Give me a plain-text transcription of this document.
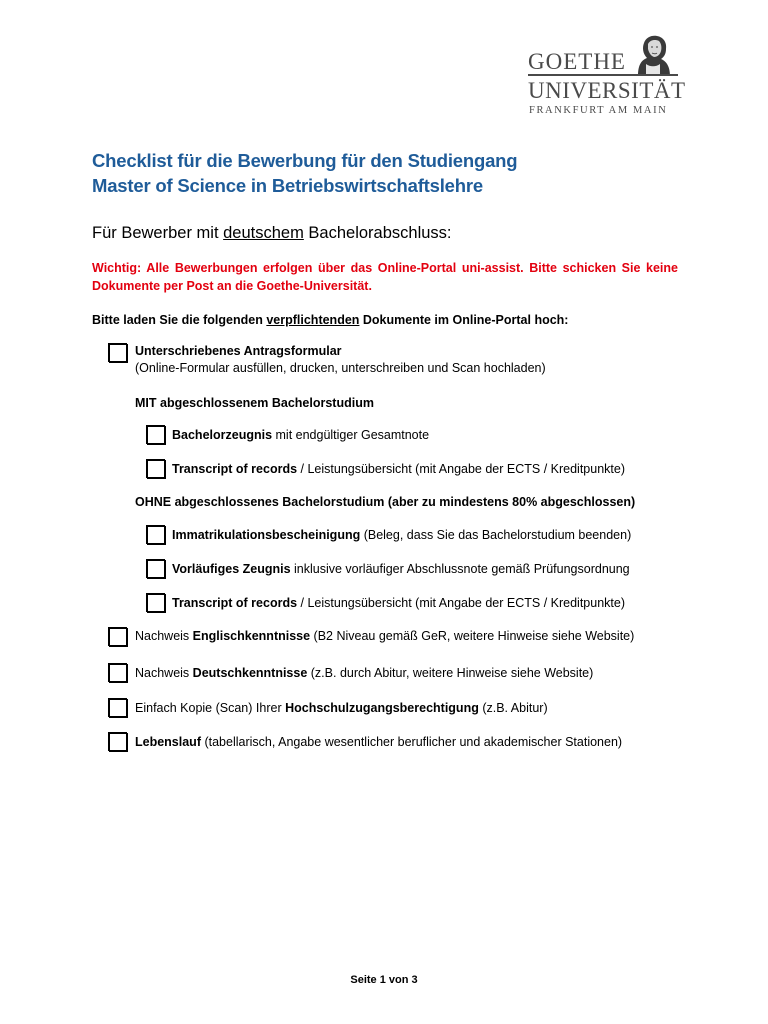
GOETHE
UNIVERSITÄT
FRANKFURT AM MAIN
Checklist für die Bewerbung für den Studiengang
Master of Science in Betriebswirtschaftslehre
Für Bewerber mit deutschem Bachelorabschluss:
Wichtig: Alle Bewerbungen erfolgen über das Online-Portal uni-assist. Bitte schicken Sie keine Dokumente per Post an die Goethe-Universität.
Bitte laden Sie die folgenden verpflichtenden Dokumente im Online-Portal hoch:
Unterschriebenes Antragsformular
(Online-Formular ausfüllen, drucken, unterschreiben und Scan hochladen)
MIT abgeschlossenem Bachelorstudium
Bachelorzeugnis mit endgültiger Gesamtnote
Transcript of records / Leistungsübersicht (mit Angabe der ECTS / Kreditpunkte)
OHNE abgeschlossenes Bachelorstudium (aber zu mindestens 80% abgeschlossen)
Immatrikulationsbescheinigung (Beleg, dass Sie das Bachelorstudium beenden)
Vorläufiges Zeugnis inklusive vorläufiger Abschlussnote gemäß Prüfungsordnung
Transcript of records / Leistungsübersicht (mit Angabe der ECTS / Kreditpunkte)
Nachweis Englischkenntnisse (B2 Niveau gemäß GeR, weitere Hinweise siehe Website)
Nachweis Deutschkenntnisse (z.B. durch Abitur, weitere Hinweise siehe Website)
Einfach Kopie (Scan) Ihrer Hochschulzugangsberechtigung (z.B. Abitur)
Lebenslauf (tabellarisch, Angabe wesentlicher beruflicher und akademischer Stationen)
Seite 1 von 3
